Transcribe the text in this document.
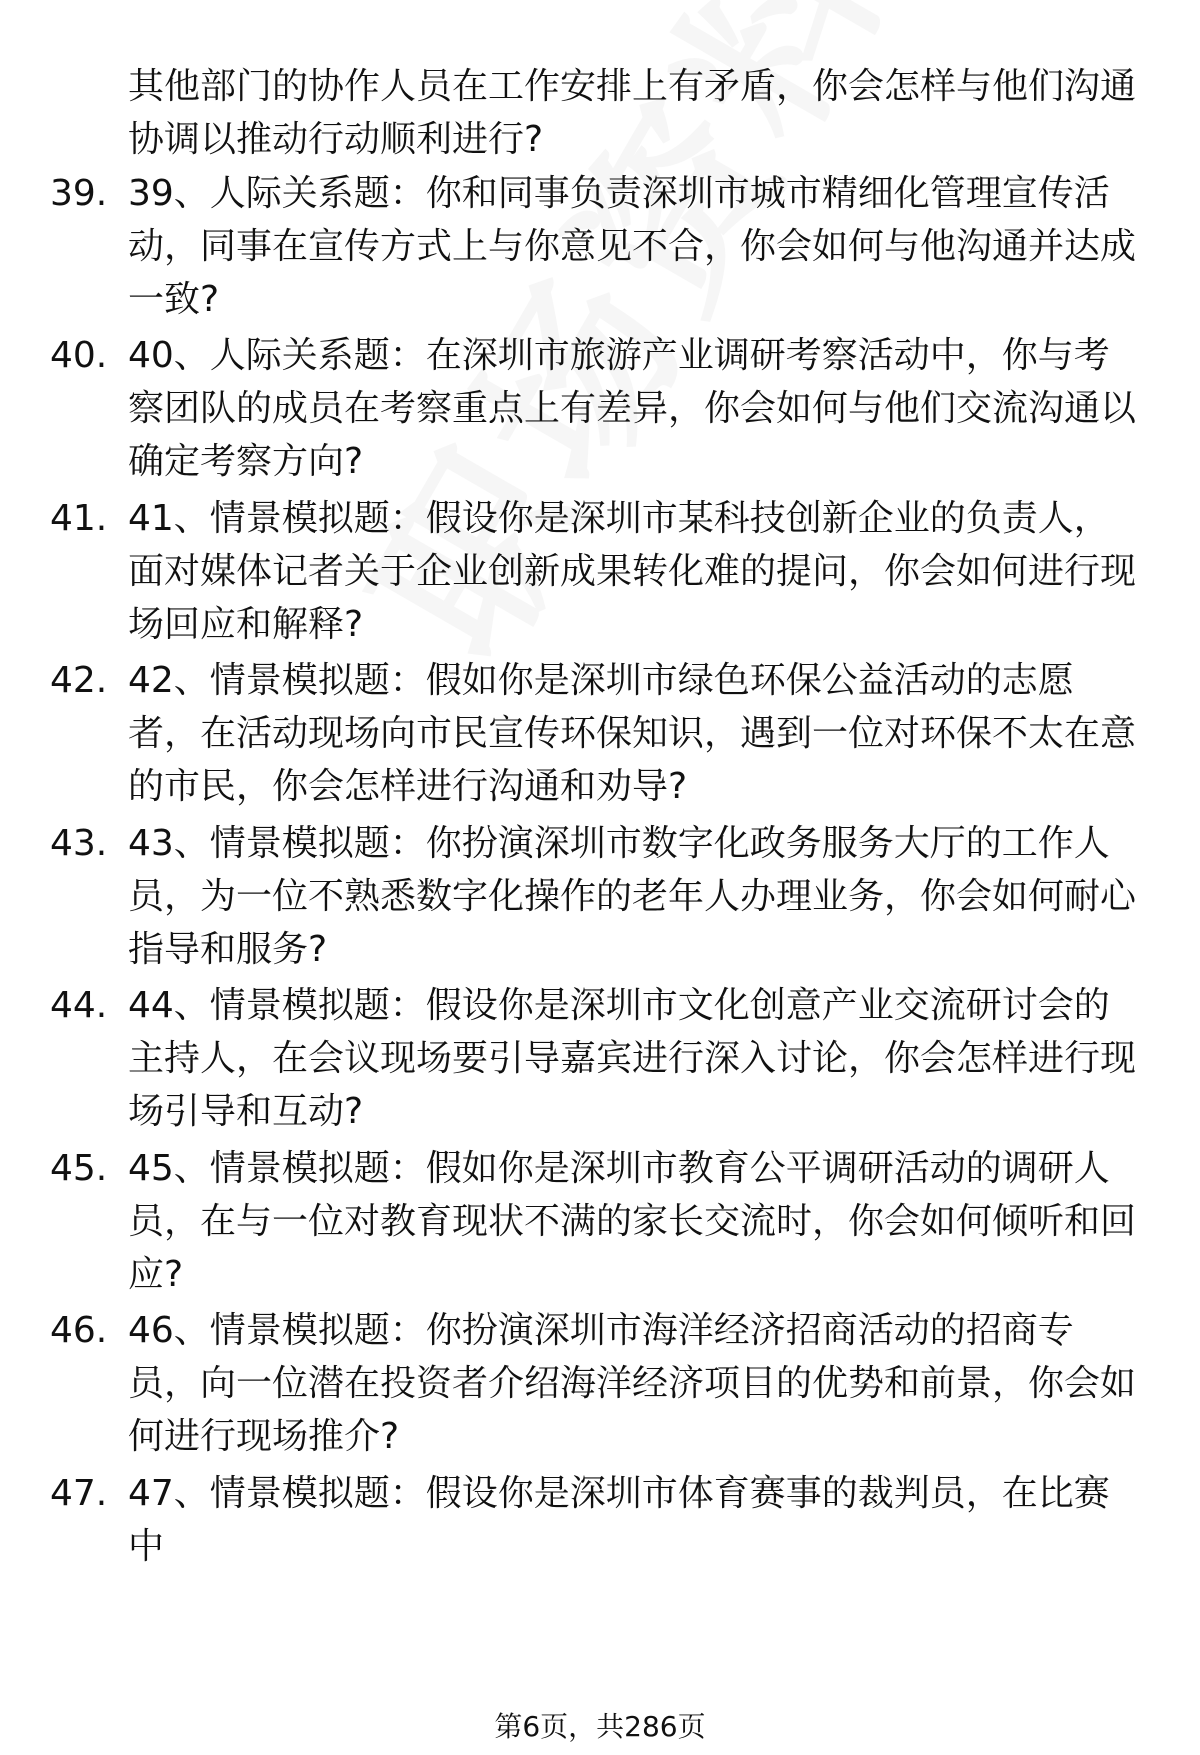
其他部门的协作人员在工作安排上有矛盾，你会怎样与他们沟通协调以推动行动顺利进行?
39. 39、人际关系题：你和同事负责深圳市城市精细化管理宣传活动，同事在宣传方式上与你意见不合，你会如何与他沟通并达成一致?
40. 40、人际关系题：在深圳市旅游产业调研考察活动中，你与考察团队的成员在考察重点上有差异，你会如何与他们交流沟通以确定考察方向?
41. 41、情景模拟题：假设你是深圳市某科技创新企业的负责人，面对媒体记者关于企业创新成果转化难的提问，你会如何进行现场回应和解释?
42. 42、情景模拟题：假如你是深圳市绿色环保公益活动的志愿者，在活动现场向市民宣传环保知识，遇到一位对环保不太在意的市民，你会怎样进行沟通和劝导?
43. 43、情景模拟题：你扮演深圳市数字化政务服务大厅的工作人员，为一位不熟悉数字化操作的老年人办理业务，你会如何耐心指导和服务?
44. 44、情景模拟题：假设你是深圳市文化创意产业交流研讨会的主持人，在会议现场要引导嘉宾进行深入讨论，你会怎样进行现场引导和互动?
45. 45、情景模拟题：假如你是深圳市教育公平调研活动的调研人员，在与一位对教育现状不满的家长交流时，你会如何倾听和回应?
46. 46、情景模拟题：你扮演深圳市海洋经济招商活动的招商专员，向一位潜在投资者介绍海洋经济项目的优势和前景，你会如何进行现场推介?
47. 47、情景模拟题：假设你是深圳市体育赛事的裁判员，在比赛中
第6页，共286页
